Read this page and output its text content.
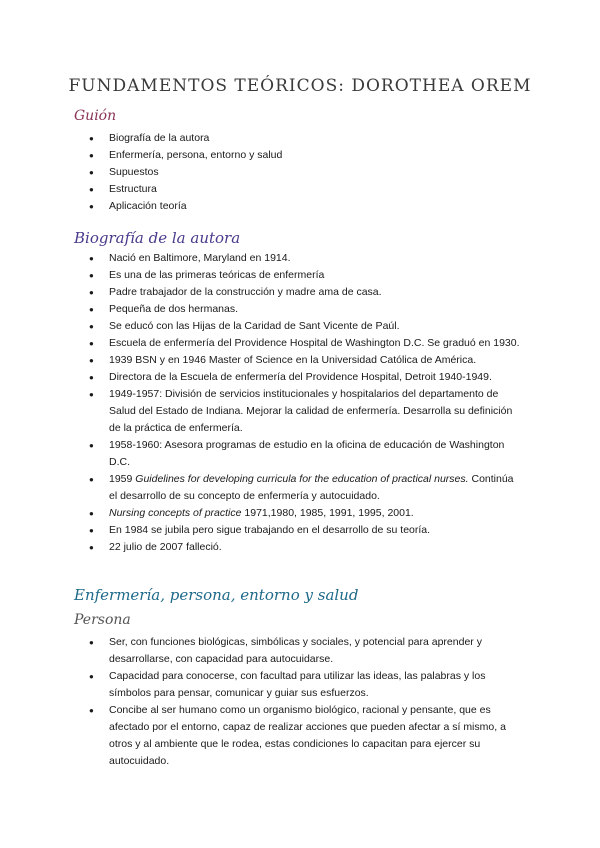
FUNDAMENTOS TEÓRICOS: DOROTHEA OREM
Guión
● Biografía de la autora
● Enfermería, persona, entorno y salud
● Supuestos
● Estructura
● Aplicación teoría
Biografía de la autora
● Nació en Baltimore, Maryland en 1914.
● Es una de las primeras teóricas de enfermería
● Padre trabajador de la construcción y madre ama de casa.
● Pequeña de dos hermanas.
● Se educó con las Hijas de la Caridad de Sant Vicente de Paúl.
● Escuela de enfermería del Providence Hospital de Washington D.C. Se graduó en 1930.
● 1939 BSN y en 1946 Master of Science en la Universidad Católica de América.
● Directora de la Escuela de enfermería del Providence Hospital, Detroit 1940-1949.
● 1949-1957: División de servicios institucionales y hospitalarios del departamento de Salud del Estado de Indiana. Mejorar la calidad de enfermería. Desarrolla su definición de la práctica de enfermería.
● 1958-1960: Asesora programas de estudio en la oficina de educación de Washington D.C.
● 1959 Guidelines for developing curricula for the education of practical nurses. Continúa el desarrollo de su concepto de enfermería y autocuidado.
● Nursing concepts of practice 1971,1980, 1985, 1991, 1995, 2001.
● En 1984 se jubila pero sigue trabajando en el desarrollo de su teoría.
● 22 julio de 2007 falleció.
Enfermería, persona, entorno y salud
Persona
● Ser, con funciones biológicas, simbólicas y sociales, y potencial para aprender y desarrollarse, con capacidad para autocuidarse.
● Capacidad para conocerse, con facultad para utilizar las ideas, las palabras y los símbolos para pensar, comunicar y guiar sus esfuerzos.
● Concibe al ser humano como un organismo biológico, racional y pensante, que es afectado por el entorno, capaz de realizar acciones que pueden afectar a sí mismo, a otros y al ambiente que le rodea, estas condiciones lo capacitan para ejercer su autocuidado.
